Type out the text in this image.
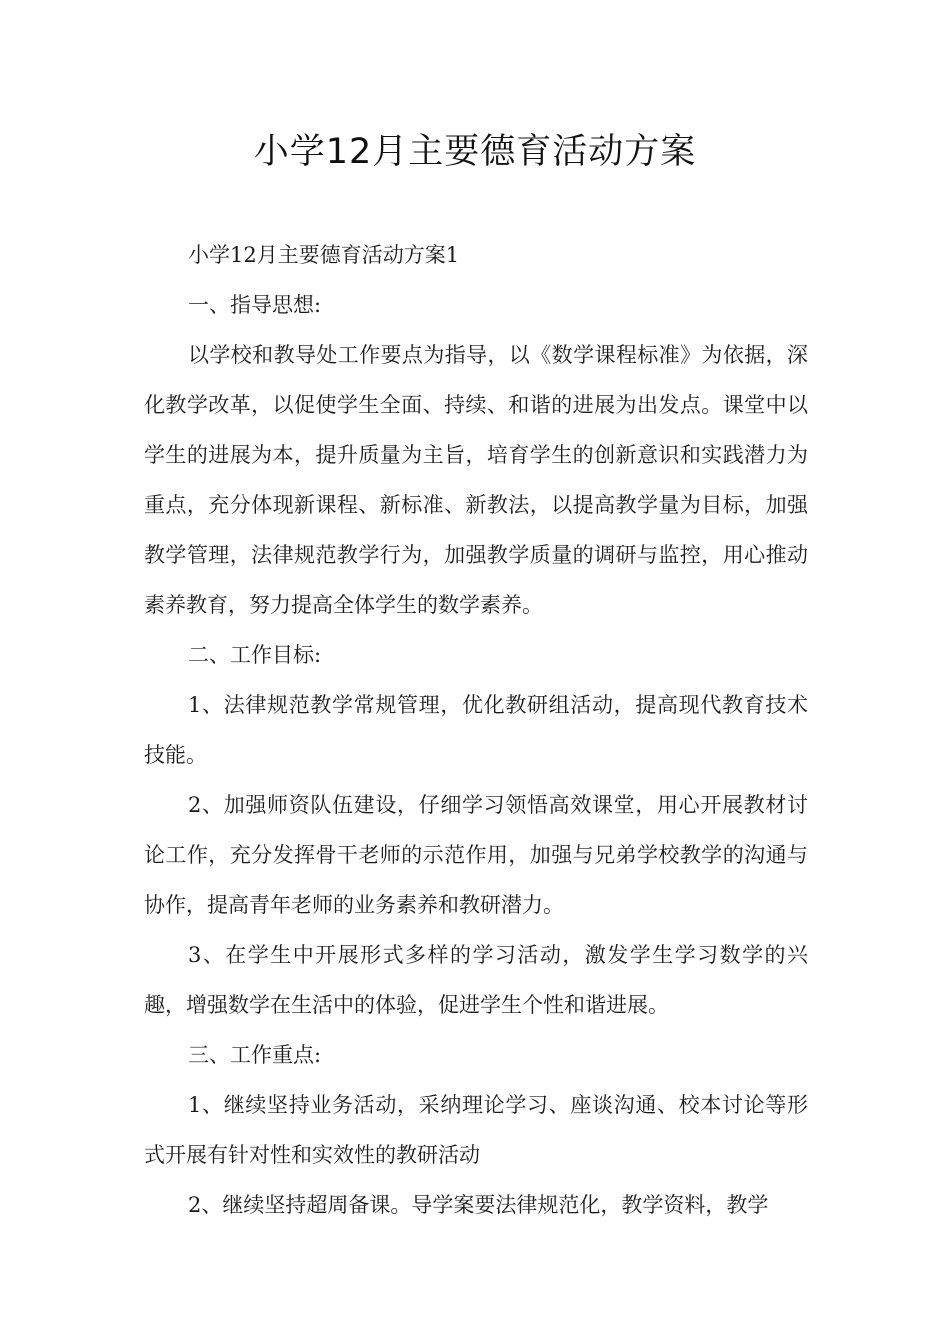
小学12月主要德育活动方案

小学12月主要德育活动方案1

一、指导思想:

以学校和教导处工作要点为指导，以《数学课程标准》为依据，深化教学改革，以促使学生全面、持续、和谐的进展为出发点。课堂中以学生的进展为本，提升质量为主旨，培育学生的创新意识和实践潜力为重点，充分体现新课程、新标准、新教法，以提高教学量为目标，加强教学管理，法律规范教学行为，加强教学质量的调研与监控，用心推动素养教育，努力提高全体学生的数学素养。

二、工作目标:

1、法律规范教学常规管理，优化教研组活动，提高现代教育技术技能。

2、加强师资队伍建设，仔细学习领悟高效课堂，用心开展教材讨论工作，充分发挥骨干老师的示范作用，加强与兄弟学校教学的沟通与协作，提高青年老师的业务素养和教研潜力。

3、在学生中开展形式多样的学习活动，激发学生学习数学的兴趣，增强数学在生活中的体验，促进学生个性和谐进展。

三、工作重点:

1、继续坚持业务活动，采纳理论学习、座谈沟通、校本讨论等形式开展有针对性和实效性的教研活动

2、继续坚持超周备课。导学案要法律规范化，教学资料，教学
